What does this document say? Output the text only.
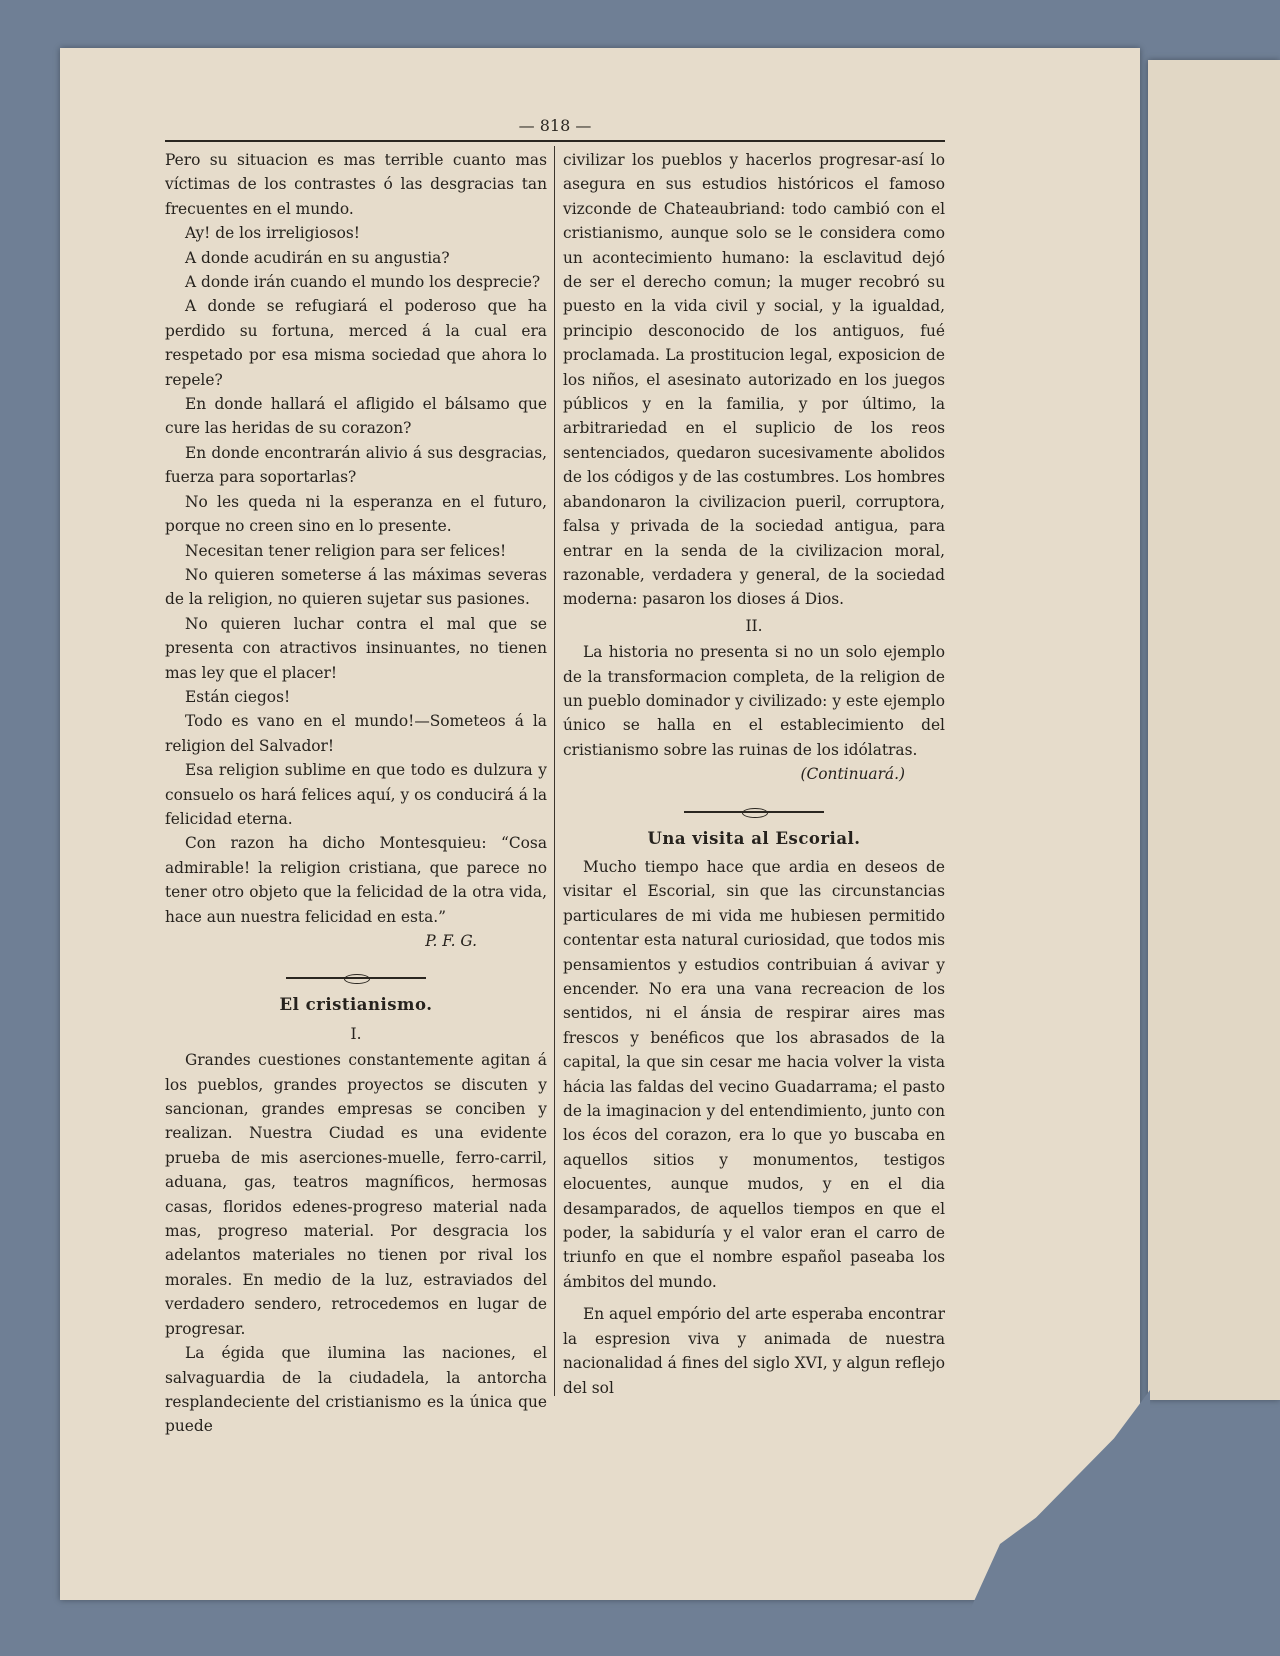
— 818 —

Pero su situacion es mas terrible cuanto mas víctimas de los contrastes ó las desgracias tan frecuentes en el mundo.

Ay! de los irreligiosos!

A donde acudirán en su angustia?

A donde irán cuando el mundo los desprecie?

A donde se refugiará el poderoso que ha perdido su fortuna, merced á la cual era respetado por esa misma sociedad que ahora lo repele?

En donde hallará el afligido el bálsamo que cure las heridas de su corazon?

En donde encontrarán alivio á sus desgracias, fuerza para soportarlas?

No les queda ni la esperanza en el futuro, porque no creen sino en lo presente.

Necesitan tener religion para ser felices!

No quieren someterse á las máximas severas de la religion, no quieren sujetar sus pasiones.

No quieren luchar contra el mal que se presenta con atractivos insinuantes, no tienen mas ley que el placer!

Están ciegos!

Todo es vano en el mundo!—Someteos á la religion del Salvador!

Esa religion sublime en que todo es dulzura y consuelo os hará felices aquí, y os conducirá á la felicidad eterna.

Con razon ha dicho Montesquieu: “Cosa admirable! la religion cristiana, que parece no tener otro objeto que la felicidad de la otra vida, hace aun nuestra felicidad en esta.”

P. F. G.

El cristianismo.
I.

Grandes cuestiones constantemente agitan á los pueblos, grandes proyectos se discuten y sancionan, grandes empresas se conciben y realizan. Nuestra Ciudad es una evidente prueba de mis aserciones-muelle, ferro-carril, aduana, gas, teatros magníficos, hermosas casas, floridos edenes-progreso material nada mas, progreso material. Por desgracia los adelantos materiales no tienen por rival los morales. En medio de la luz, estraviados del verdadero sendero, retrocedemos en lugar de progresar.

La égida que ilumina las naciones, el salvaguardia de la ciudadela, la antorcha resplandeciente del cristianismo es la única que puede

civilizar los pueblos y hacerlos progresar-así lo asegura en sus estudios históricos el famoso vizconde de Chateaubriand: todo cambió con el cristianismo, aunque solo se le considera como un acontecimiento humano: la esclavitud dejó de ser el derecho comun; la muger recobró su puesto en la vida civil y social, y la igualdad, principio desconocido de los antiguos, fué proclamada. La prostitucion legal, exposicion de los niños, el asesinato autorizado en los juegos públicos y en la familia, y por último, la arbitrariedad en el suplicio de los reos sentenciados, quedaron sucesivamente abolidos de los códigos y de las costumbres. Los hombres abandonaron la civilizacion pueril, corruptora, falsa y privada de la sociedad antigua, para entrar en la senda de la civilizacion moral, razonable, verdadera y general, de la sociedad moderna: pasaron los dioses á Dios.

II.

La historia no presenta si no un solo ejemplo de la transformacion completa, de la religion de un pueblo dominador y civilizado: y este ejemplo único se halla en el establecimiento del cristianismo sobre las ruinas de los idólatras.

(Continuará.)

Una visita al Escorial.

Mucho tiempo hace que ardia en deseos de visitar el Escorial, sin que las circunstancias particulares de mi vida me hubiesen permitido contentar esta natural curiosidad, que todos mis pensamientos y estudios contribuian á avivar y encender. No era una vana recreacion de los sentidos, ni el ánsia de respirar aires mas frescos y benéficos que los abrasados de la capital, la que sin cesar me hacia volver la vista hácia las faldas del vecino Guadarrama; el pasto de la imaginacion y del entendimiento, junto con los écos del corazon, era lo que yo buscaba en aquellos sitios y monumentos, testigos elocuentes, aunque mudos, y en el dia desamparados, de aquellos tiempos en que el poder, la sabiduría y el valor eran el carro de triunfo en que el nombre español paseaba los ámbitos del mundo.

En aquel empório del arte esperaba encontrar la espresion viva y animada de nuestra nacionalidad á fines del siglo XVI, y algun reflejo del sol
